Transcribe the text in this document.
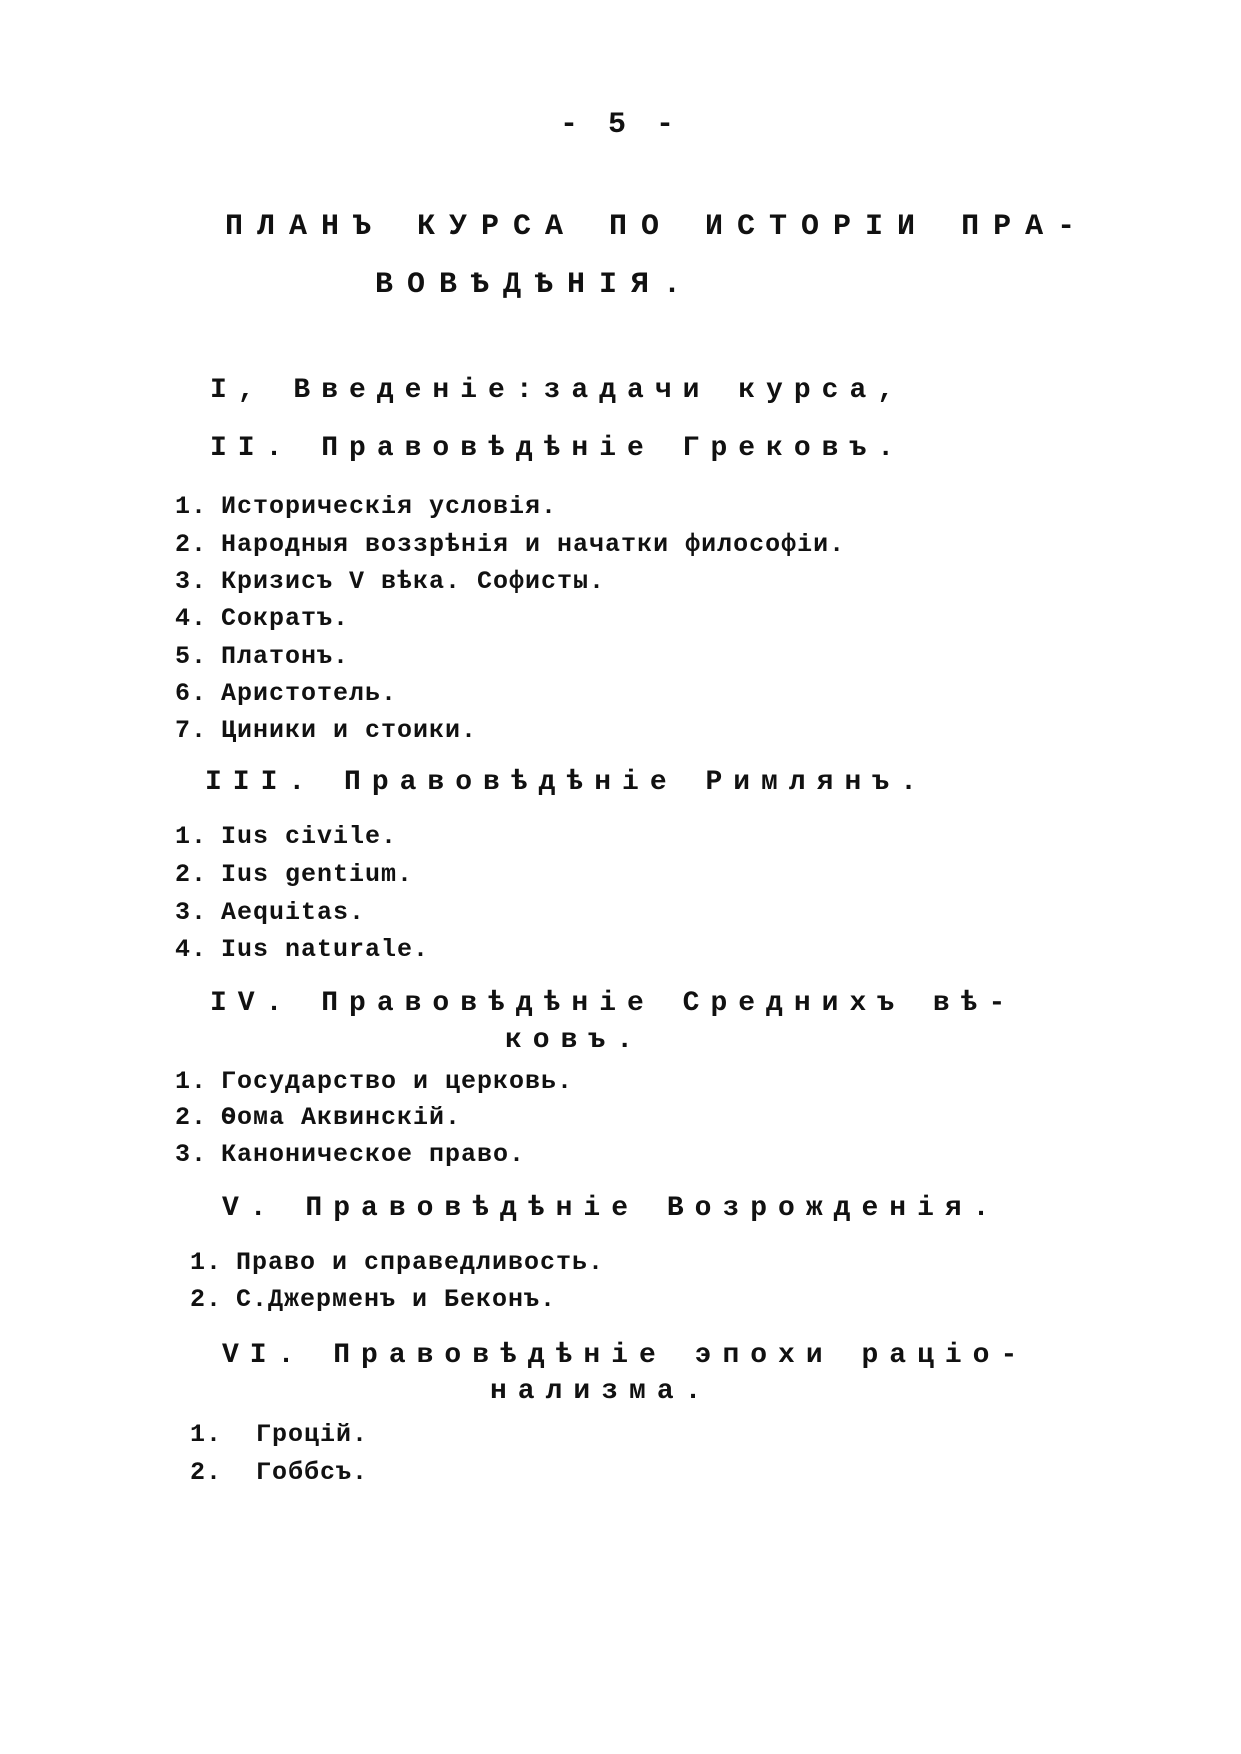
- 5 -
ПЛАНЪ КУРСА ПО ИСТОРІИ ПРА-
ВОВѢДѢНІЯ.
I, Введеніе:задачи курса,
II. Правовѣдѣніе Грековъ.
1. Историческія условія.
2. Народныя воззрѣнія и начатки философіи.
3. Кризисъ V вѣка. Софисты.
4. Сократъ.
5. Платонъ.
6. Аристотель.
7. Циники и стоики.
III. Правовѣдѣніе Римлянъ.
1. Ius civile.
2. Ius gentium.
3. Aequitas.
4. Ius naturale.
IV. Правовѣдѣніе Среднихъ вѣ-
ковъ.
1. Государство и церковь.
2. Ѳома Аквинскій.
3. Каноническое право.
V. Правовѣдѣніе Возрожденія.
1. Право и справедливость.
2. С.Джерменъ и Беконъ.
VI. Правовѣдѣніе эпохи раціо-
нализма.
1. Гроцій.
2. Гоббсъ.
